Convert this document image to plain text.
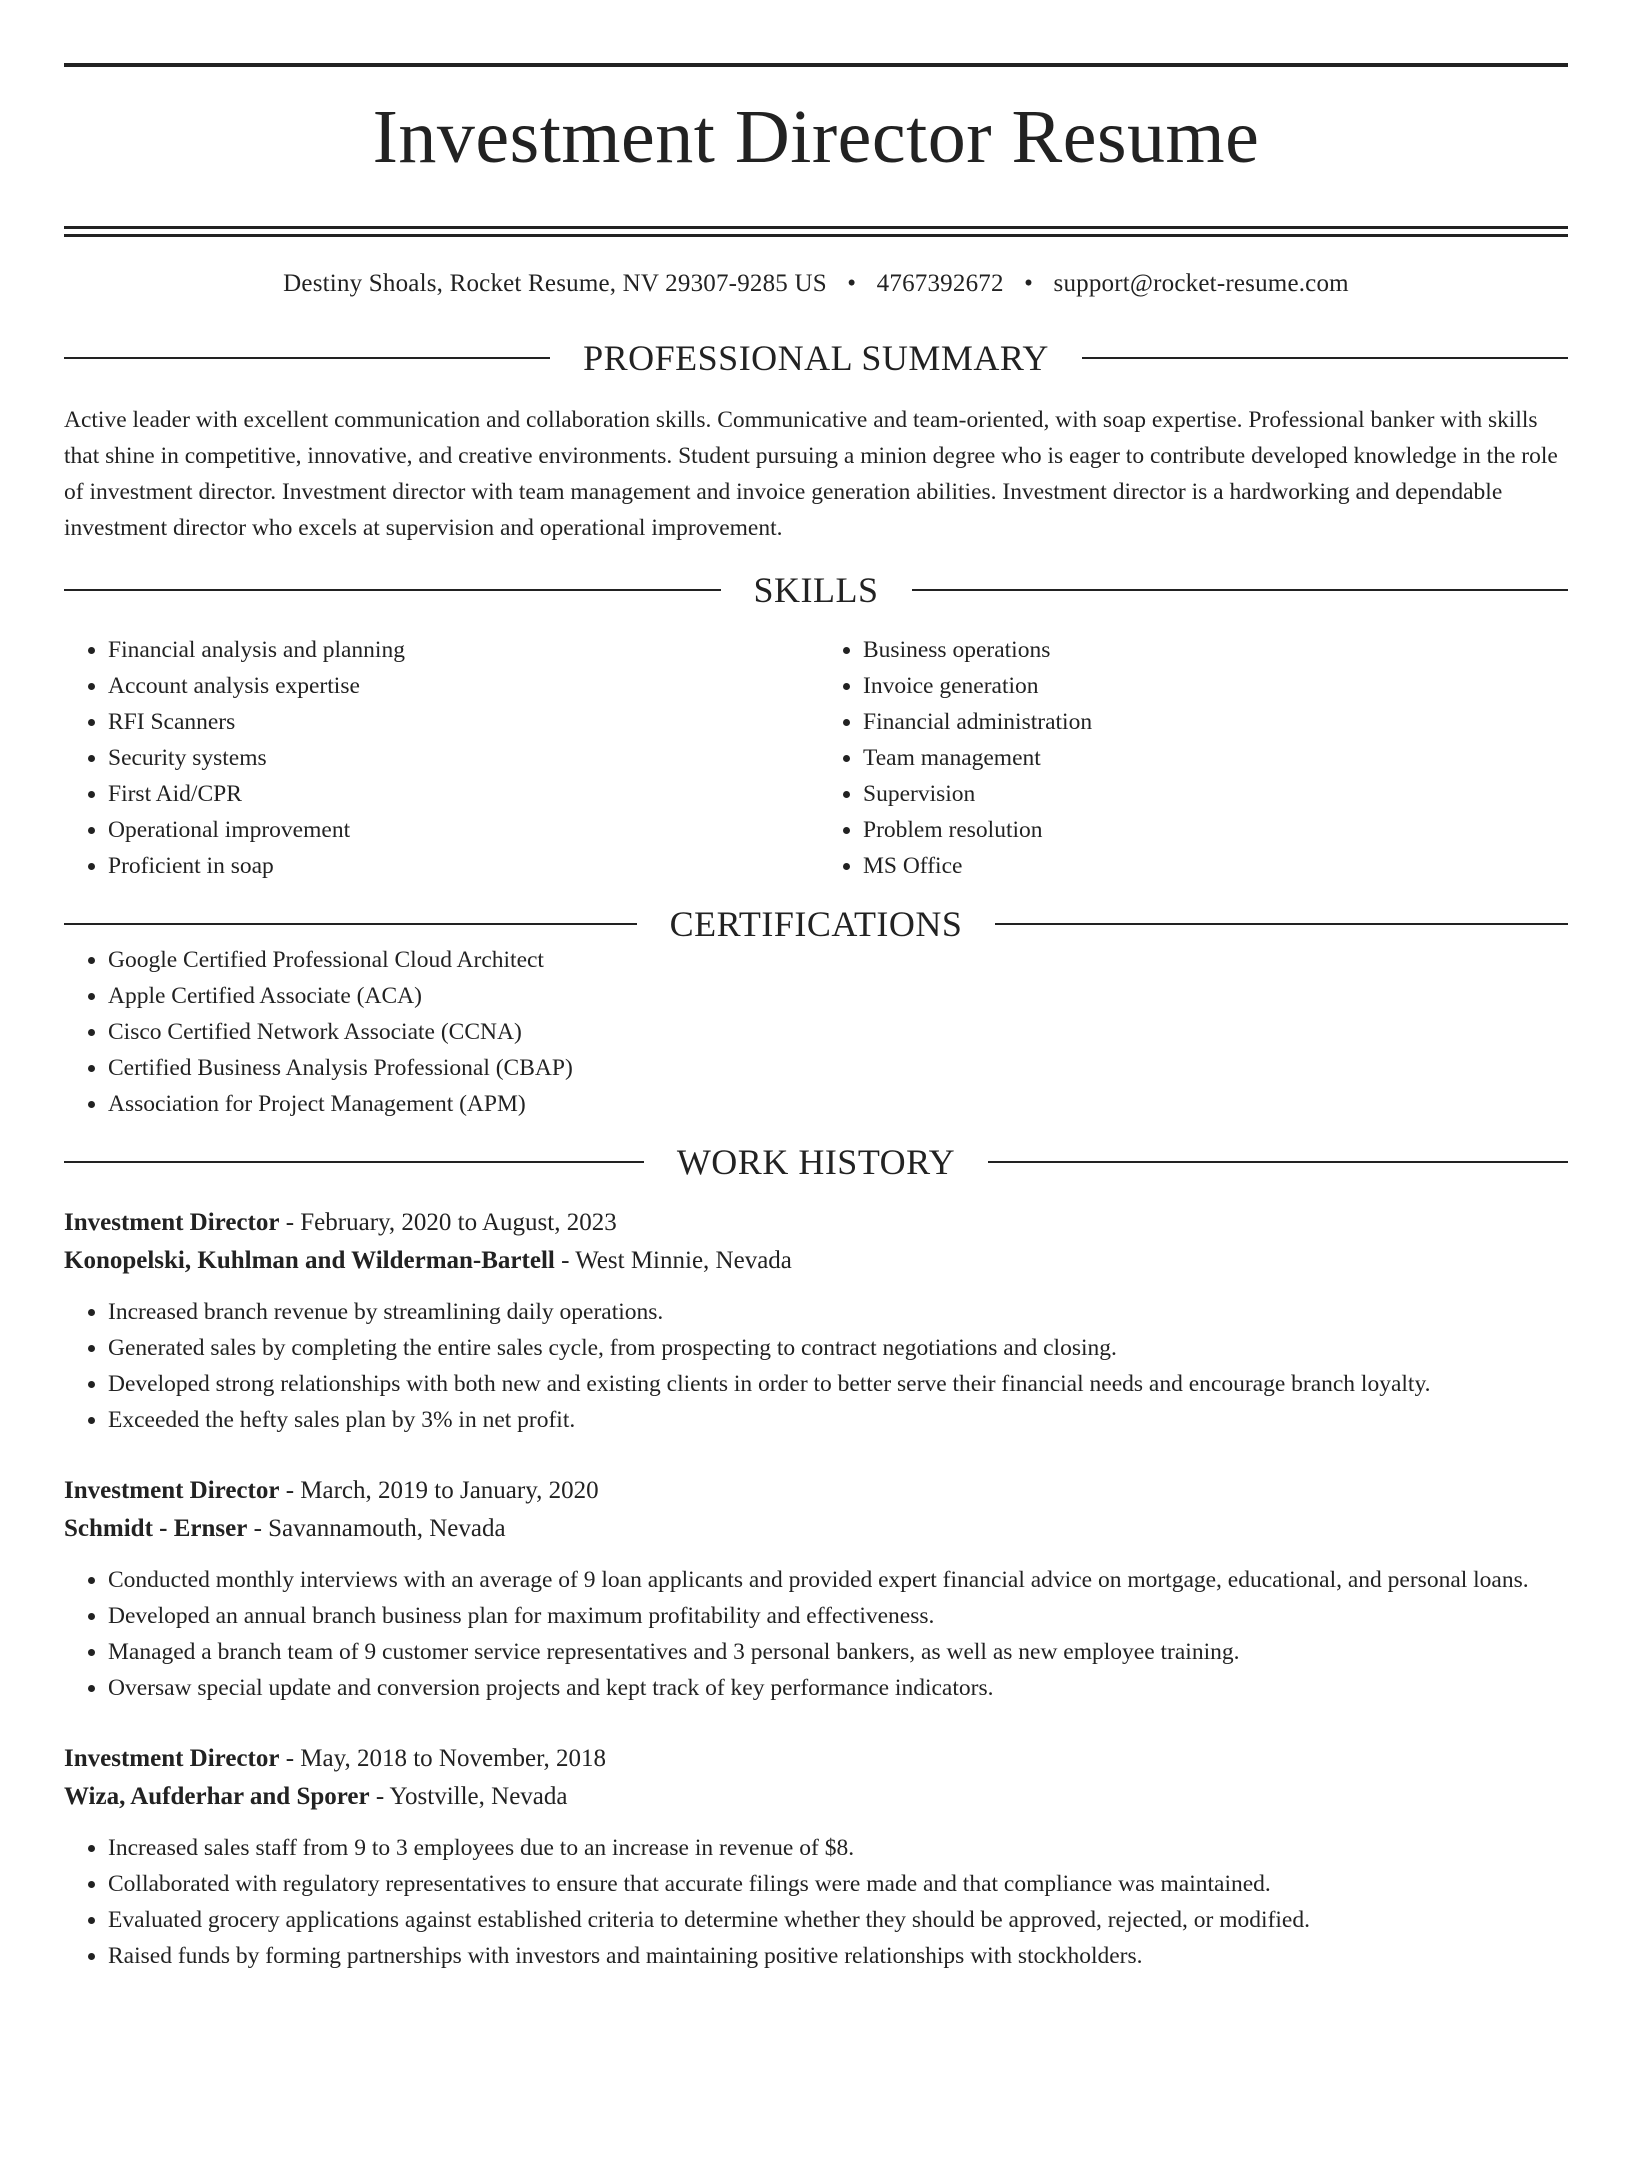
Investment Director Resume
Destiny Shoals, Rocket Resume, NV 29307-9285 US • 4767392672 • support@rocket-resume.com
PROFESSIONAL SUMMARY

Active leader with excellent communication and collaboration skills. Communicative and team-oriented, with soap expertise. Professional banker with skills that shine in competitive, innovative, and creative environments. Student pursuing a minion degree who is eager to contribute developed knowledge in the role of investment director. Investment director with team management and invoice generation abilities. Investment director is a hardworking and dependable investment director who excels at supervision and operational improvement.

SKILLS
• Financial analysis and planning
• Account analysis expertise
• RFI Scanners
• Security systems
• First Aid/CPR
• Operational improvement
• Proficient in soap
• Business operations
• Invoice generation
• Financial administration
• Team management
• Supervision
• Problem resolution
• MS Office
CERTIFICATIONS
• Google Certified Professional Cloud Architect
• Apple Certified Associate (ACA)
• Cisco Certified Network Associate (CCNA)
• Certified Business Analysis Professional (CBAP)
• Association for Project Management (APM)
WORK HISTORY
Investment Director - February, 2020 to August, 2023
Konopelski, Kuhlman and Wilderman-Bartell - West Minnie, Nevada
• Increased branch revenue by streamlining daily operations.
• Generated sales by completing the entire sales cycle, from prospecting to contract negotiations and closing.
• Developed strong relationships with both new and existing clients in order to better serve their financial needs and encourage branch loyalty.
• Exceeded the hefty sales plan by 3% in net profit.
Investment Director - March, 2019 to January, 2020
Schmidt - Ernser - Savannamouth, Nevada
• Conducted monthly interviews with an average of 9 loan applicants and provided expert financial advice on mortgage, educational, and personal loans.
• Developed an annual branch business plan for maximum profitability and effectiveness.
• Managed a branch team of 9 customer service representatives and 3 personal bankers, as well as new employee training.
• Oversaw special update and conversion projects and kept track of key performance indicators.
Investment Director - May, 2018 to November, 2018
Wiza, Aufderhar and Sporer - Yostville, Nevada
• Increased sales staff from 9 to 3 employees due to an increase in revenue of $8.
• Collaborated with regulatory representatives to ensure that accurate filings were made and that compliance was maintained.
• Evaluated grocery applications against established criteria to determine whether they should be approved, rejected, or modified.
• Raised funds by forming partnerships with investors and maintaining positive relationships with stockholders.
